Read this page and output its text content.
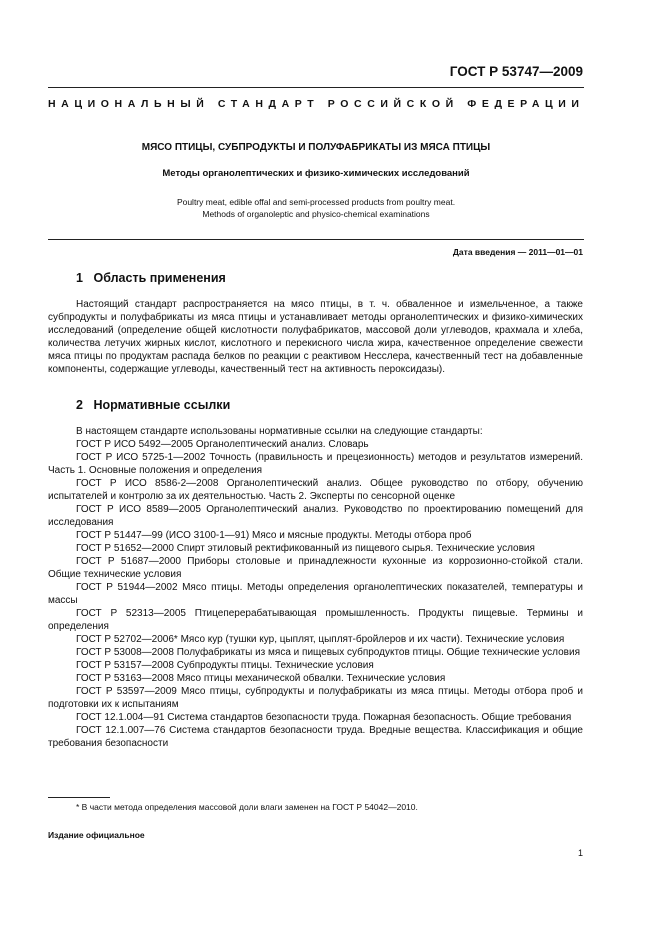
ГОСТ Р 53747—2009
НАЦИОНАЛЬНЫЙ СТАНДАРТ РОССИЙСКОЙ ФЕДЕРАЦИИ
МЯСО ПТИЦЫ, СУБПРОДУКТЫ И ПОЛУФАБРИКАТЫ ИЗ МЯСА ПТИЦЫ
Методы органолептических и физико-химических исследований
Poultry meat, edible offal and semi-processed products from poultry meat.
Methods of organoleptic and physico-chemical examinations
Дата введения — 2011—01—01
1 Область применения
Настоящий стандарт распространяется на мясо птицы, в т. ч. обваленное и измельченное, а также субпродукты и полуфабрикаты из мяса птицы и устанавливает методы органолептических и физико-химических исследований (определение общей кислотности полуфабрикатов, массовой доли углеводов, крахмала и хлеба, количества летучих жирных кислот, кислотного и перекисного числа жира, качественное определение свежести мяса птицы по продуктам распада белков по реакции с реактивом Несслера, качественный тест на добавленные компоненты, содержащие углеводы, качественный тест на активность пероксидазы).
2 Нормативные ссылки
В настоящем стандарте использованы нормативные ссылки на следующие стандарты:
ГОСТ Р ИСО 5492—2005 Органолептический анализ. Словарь
ГОСТ Р ИСО 5725-1—2002 Точность (правильность и прецезионность) методов и результатов измерений. Часть 1. Основные положения и определения
ГОСТ Р ИСО 8586-2—2008 Органолептический анализ. Общее руководство по отбору, обучению испытателей и контролю за их деятельностью. Часть 2. Эксперты по сенсорной оценке
ГОСТ Р ИСО 8589—2005 Органолептический анализ. Руководство по проектированию помещений для исследования
ГОСТ Р 51447—99 (ИСО 3100-1—91) Мясо и мясные продукты. Методы отбора проб
ГОСТ Р 51652—2000 Спирт этиловый ректификованный из пищевого сырья. Технические условия
ГОСТ Р 51687—2000 Приборы столовые и принадлежности кухонные из коррозионно-стойкой стали. Общие технические условия
ГОСТ Р 51944—2002 Мясо птицы. Методы определения органолептических показателей, температуры и массы
ГОСТ Р 52313—2005 Птицеперерабатывающая промышленность. Продукты пищевые. Термины и определения
ГОСТ Р 52702—2006* Мясо кур (тушки кур, цыплят, цыплят-бройлеров и их части). Технические условия
ГОСТ Р 53008—2008 Полуфабрикаты из мяса и пищевых субпродуктов птицы. Общие технические условия
ГОСТ Р 53157—2008 Субпродукты птицы. Технические условия
ГОСТ Р 53163—2008 Мясо птицы механической обвалки. Технические условия
ГОСТ Р 53597—2009 Мясо птицы, субпродукты и полуфабрикаты из мяса птицы. Методы отбора проб и подготовки их к испытаниям
ГОСТ 12.1.004—91 Система стандартов безопасности труда. Пожарная безопасность. Общие требования
ГОСТ 12.1.007—76 Система стандартов безопасности труда. Вредные вещества. Классификация и общие требования безопасности
* В части метода определения массовой доли влаги заменен на ГОСТ Р 54042—2010.
Издание официальное
1
